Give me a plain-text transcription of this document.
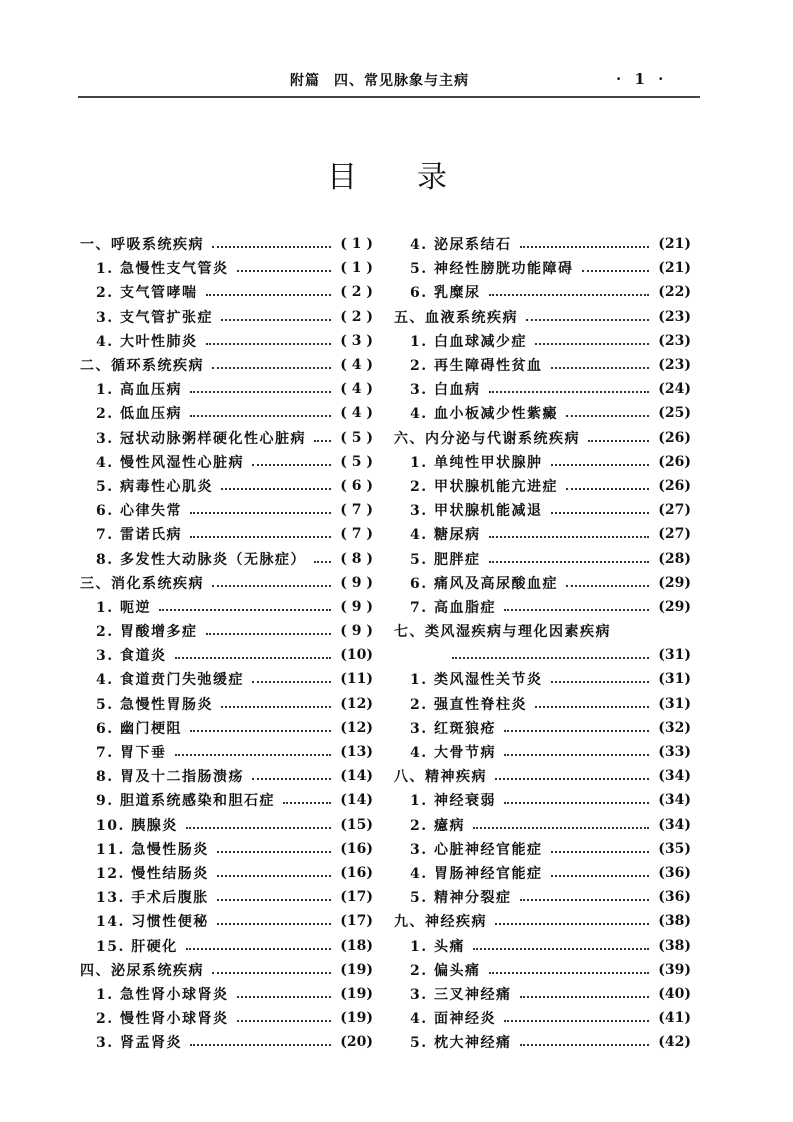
附篇 四、常见脉象与主病	· 1 ·
目 录
一、呼吸系统疾病	( 1 )
1. 急慢性支气管炎	( 1 )
2. 支气管哮喘	( 2 )
3. 支气管扩张症	( 2 )
4. 大叶性肺炎	( 3 )
二、循环系统疾病	( 4 )
1. 高血压病	( 4 )
2. 低血压病	( 4 )
3. 冠状动脉粥样硬化性心脏病 ( 5 )
4. 慢性风湿性心脏病	( 5 )
5. 病毒性心肌炎	( 6 )
6. 心律失常	( 7 )
7. 雷诺氏病	( 7 )
8. 多发性大动脉炎（无脉症） ( 8 )
三、消化系统疾病	( 9 )
1. 呃逆	( 9 )
2. 胃酸增多症	( 9 )
3. 食道炎	(10)
4. 食道贲门失弛缓症	(11)
5. 急慢性胃肠炎	(12)
6. 幽门梗阻	(12)
7. 胃下垂	(13)
8. 胃及十二指肠溃疡	(14)
9. 胆道系统感染和胆石症	(14)
10. 胰腺炎	(15)
11. 急慢性肠炎	(16)
12. 慢性结肠炎	(16)
13. 手术后腹胀	(17)
14. 习惯性便秘	(17)
15. 肝硬化	(18)
四、泌尿系统疾病	(19)
1. 急性肾小球肾炎	(19)
2. 慢性肾小球肾炎	(19)
3. 肾盂肾炎	(20)
4. 泌尿系结石	(21)
5. 神经性膀胱功能障碍	(21)
6. 乳糜尿	(22)
五、血液系统疾病	(23)
1. 白血球减少症	(23)
2. 再生障碍性贫血	(23)
3. 白血病	(24)
4. 血小板减少性紫癜	(25)
六、内分泌与代谢系统疾病	(26)
1. 单纯性甲状腺肿	(26)
2. 甲状腺机能亢进症	(26)
3. 甲状腺机能减退	(27)
4. 糖尿病	(27)
5. 肥胖症	(28)
6. 痛风及高尿酸血症	(29)
7. 高血脂症	(29)
七、类风湿疾病与理化因素疾病
(31)
1. 类风湿性关节炎	(31)
2. 强直性脊柱炎	(31)
3. 红斑狼疮	(32)
4. 大骨节病	(33)
八、精神疾病	(34)
1. 神经衰弱	(34)
2. 癔病	(34)
3. 心脏神经官能症	(35)
4. 胃肠神经官能症	(36)
5. 精神分裂症	(36)
九、神经疾病	(38)
1. 头痛	(38)
2. 偏头痛	(39)
3. 三叉神经痛	(40)
4. 面神经炎	(41)
5. 枕大神经痛	(42)
